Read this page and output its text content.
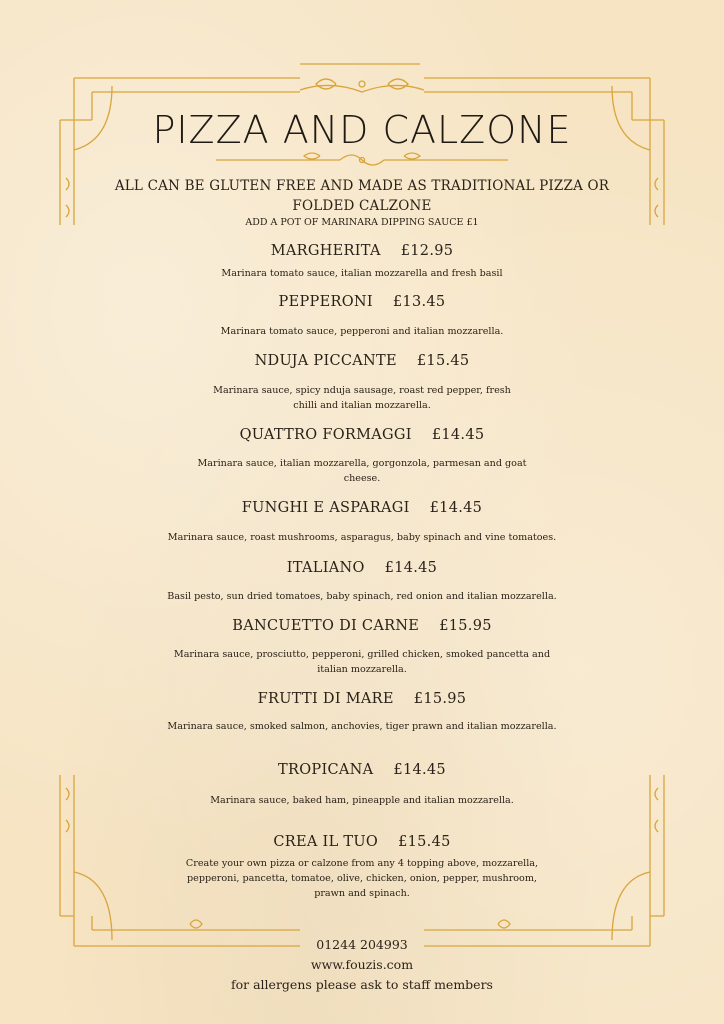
PIZZA AND CALZONE
ALL CAN BE GLUTEN FREE AND MADE AS TRADITIONAL PIZZA OR
FOLDED CALZONE
ADD A POT OF MARINARA DIPPING SAUCE £1
MARGHERITA £12.95
Marinara tomato sauce, italian mozzarella and fresh basil
PEPPERONI £13.45
Marinara tomato sauce, pepperoni and italian mozzarella.
NDUJA PICCANTE £15.45
Marinara sauce, spicy nduja sausage, roast red pepper, fresh chilli and italian mozzarella.
QUATTRO FORMAGGI £14.45
Marinara sauce, italian mozzarella, gorgonzola, parmesan and goat cheese.
FUNGHI E ASPARAGI £14.45
Marinara sauce, roast mushrooms, asparagus, baby spinach and vine tomatoes.
ITALIANO £14.45
Basil pesto, sun dried tomatoes, baby spinach, red onion and italian mozzarella.
BANCUETTO DI CARNE £15.95
Marinara sauce, prosciutto, pepperoni, grilled chicken, smoked pancetta and italian mozzarella.
FRUTTI DI MARE £15.95
Marinara sauce, smoked salmon, anchovies, tiger prawn and italian mozzarella.
TROPICANA £14.45
Marinara sauce, baked ham, pineapple and italian mozzarella.
CREA IL TUO £15.45
Create your own pizza or calzone from any 4 topping above, mozzarella, pepperoni, pancetta, tomatoe, olive, chicken, onion, pepper, mushroom, prawn and spinach.
01244 204993
www.fouzis.com
for allergens please ask to staff members
